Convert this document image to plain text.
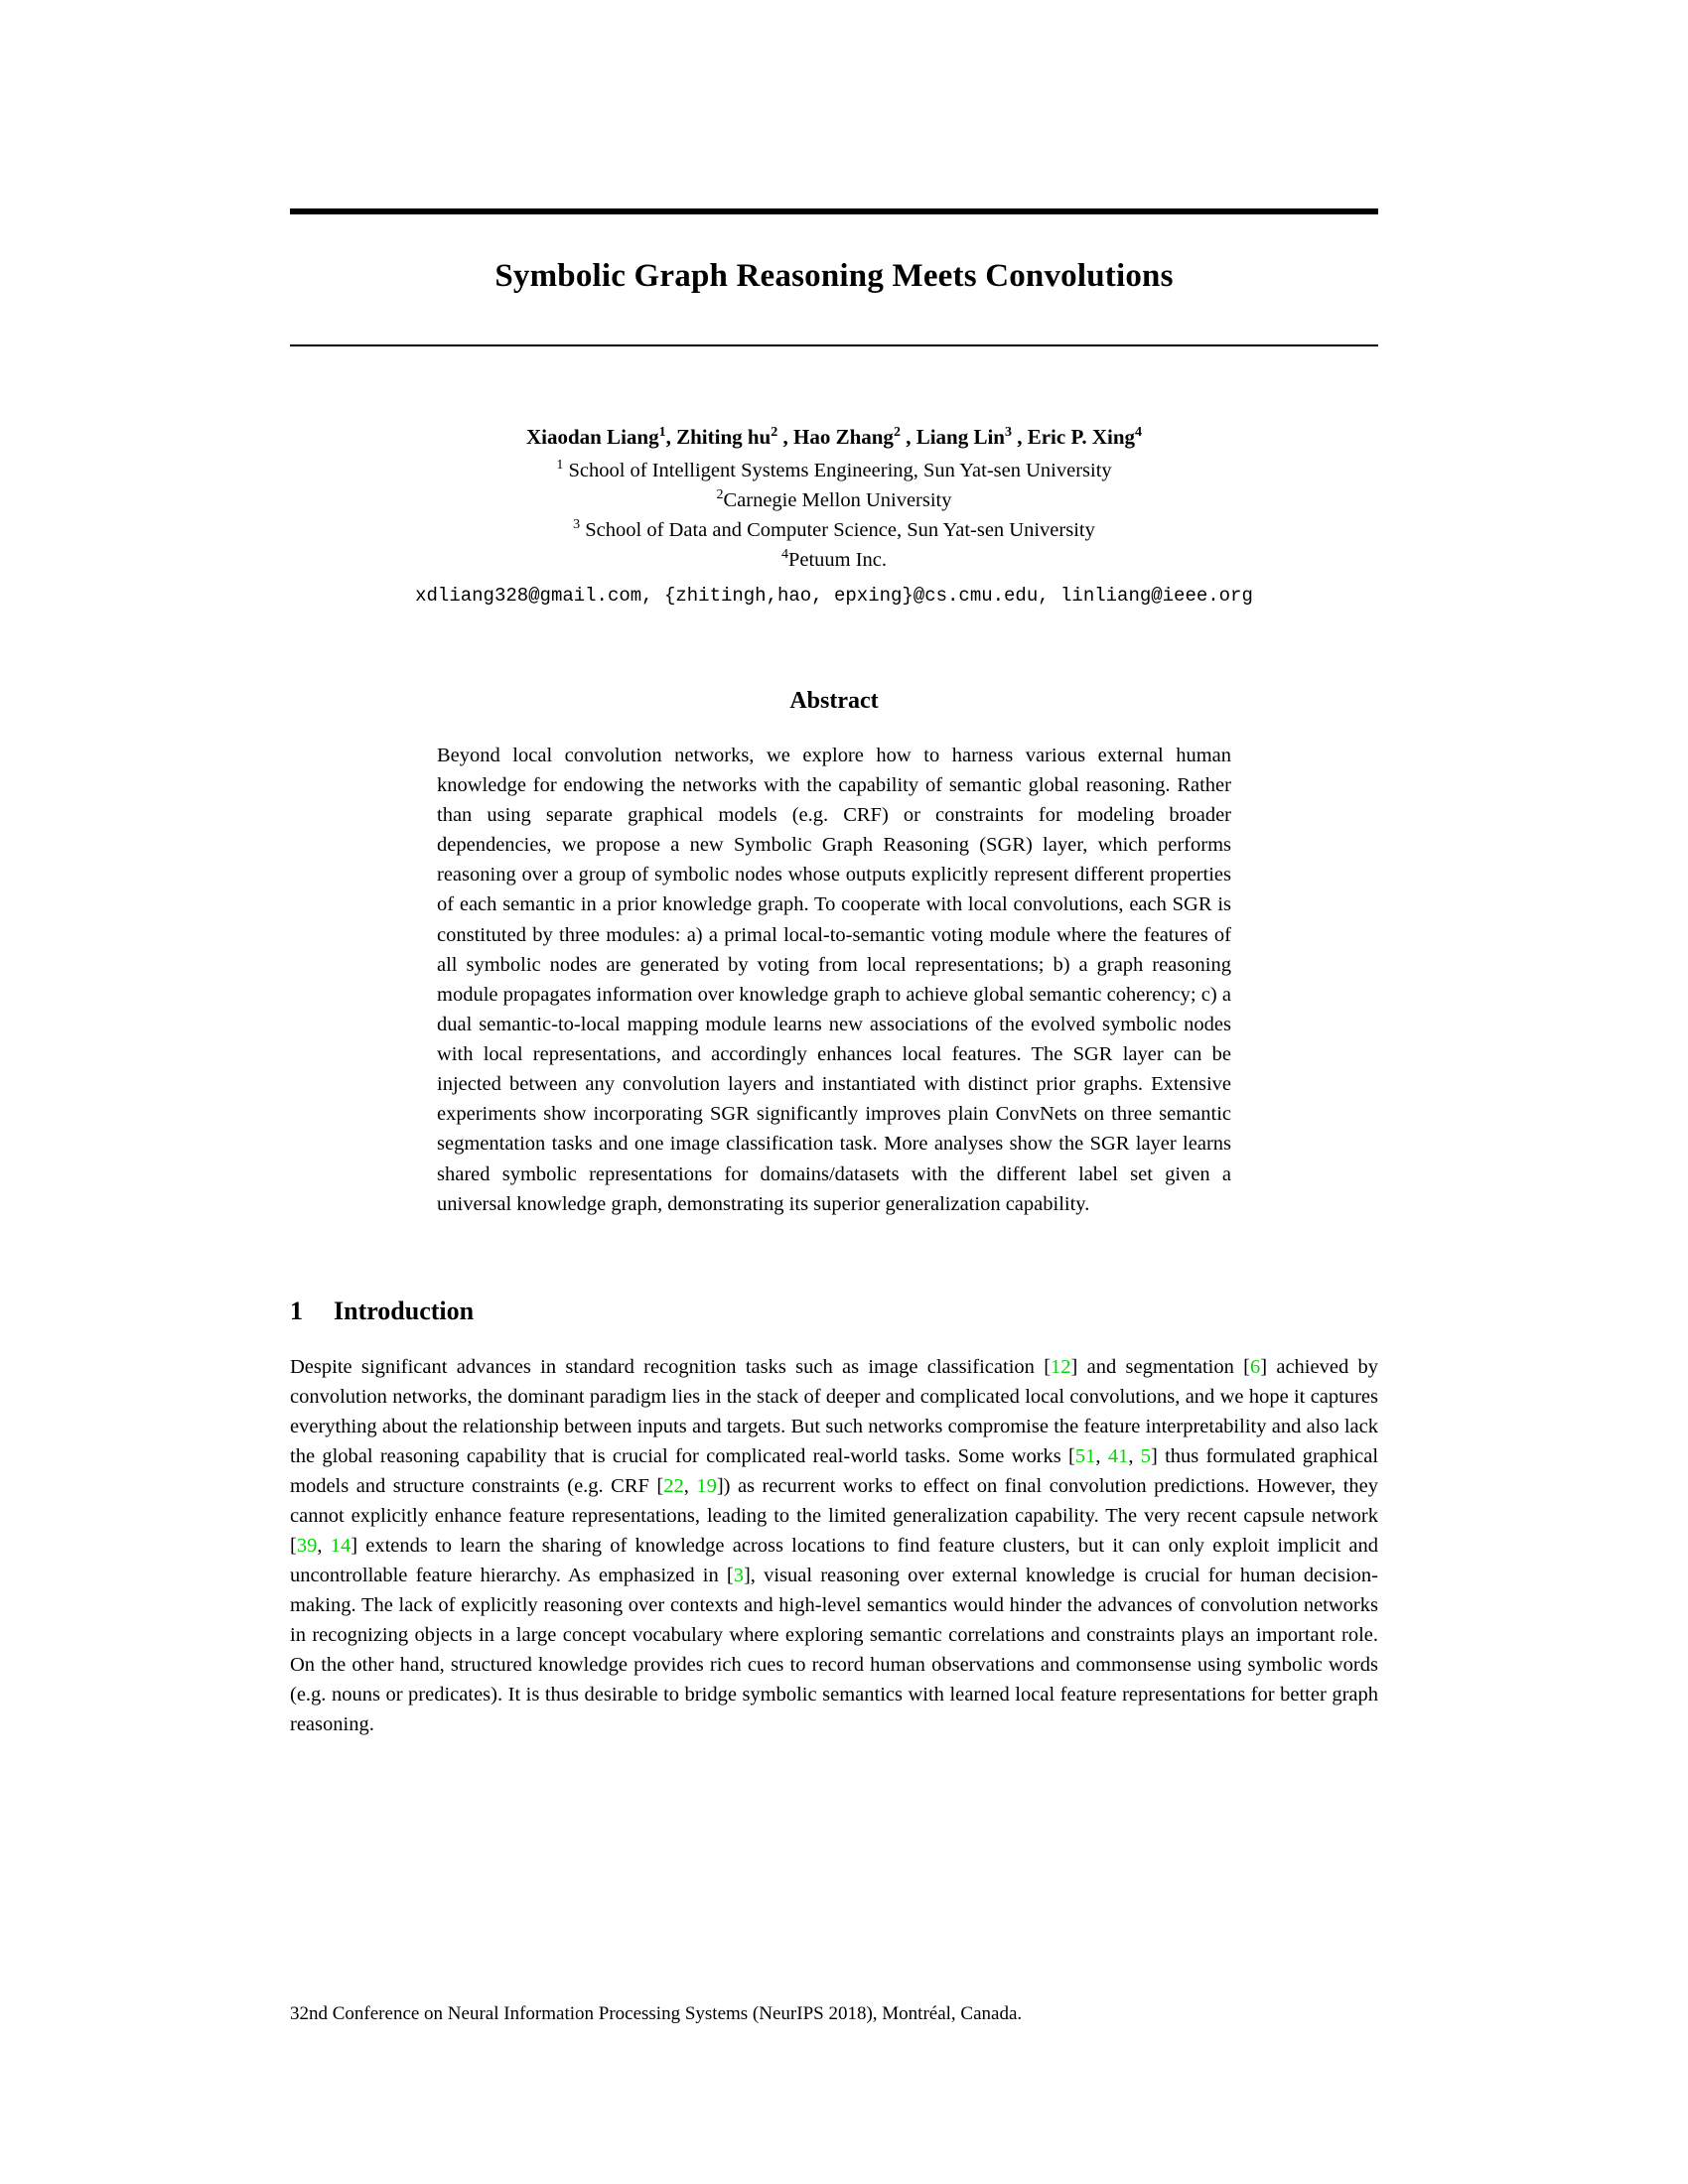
Symbolic Graph Reasoning Meets Convolutions
Xiaodan Liang$^1$, Zhiting $hu^2$ , Hao Zhang$^2$ , Liang Lin$^3$ , Eric P. Xing$^4$
$^1$ School of Intelligent Systems Engineering, Sun Yat-sen University
$^2$Carnegie Mellon University
$^3$ School of Data and Computer Science, Sun Yat-sen University
$^4$Petuum Inc.
xdliang328@gmail.com, {zhitingh,hao, epxing}@cs.cmu.edu, linliang@ieee.org
Abstract
Beyond local convolution networks, we explore how to harness various external human knowledge for endowing the networks with the capability of semantic global reasoning. Rather than using separate graphical models (e.g. CRF) or constraints for modeling broader dependencies, we propose a new Symbolic Graph Reasoning (SGR) layer, which performs reasoning over a group of symbolic nodes whose outputs explicitly represent different properties of each semantic in a prior knowledge graph. To cooperate with local convolutions, each SGR is constituted by three modules: a) a primal local-to-semantic voting module where the features of all symbolic nodes are generated by voting from local representations; b) a graph reasoning module propagates information over knowledge graph to achieve global semantic coherency; c) a dual semantic-to-local mapping module learns new associations of the evolved symbolic nodes with local representations, and accordingly enhances local features. The SGR layer can be injected between any convolution layers and instantiated with distinct prior graphs. Extensive experiments show incorporating SGR significantly improves plain ConvNets on three semantic segmentation tasks and one image classification task. More analyses show the SGR layer learns shared symbolic representations for domains/datasets with the different label set given a universal knowledge graph, demonstrating its superior generalization capability.
1 Introduction
Despite significant advances in standard recognition tasks such as image classification [12] and segmentation [6] achieved by convolution networks, the dominant paradigm lies in the stack of deeper and complicated local convolutions, and we hope it captures everything about the relationship between inputs and targets. But such networks compromise the feature interpretability and also lack the global reasoning capability that is crucial for complicated real-world tasks. Some works [51, 41, 5] thus formulated graphical models and structure constraints (e.g. CRF [22, 19]) as recurrent works to effect on final convolution predictions. However, they cannot explicitly enhance feature representations, leading to the limited generalization capability. The very recent capsule network [39, 14] extends to learn the sharing of knowledge across locations to find feature clusters, but it can only exploit implicit and uncontrollable feature hierarchy. As emphasized in [3], visual reasoning over external knowledge is crucial for human decision-making. The lack of explicitly reasoning over contexts and high-level semantics would hinder the advances of convolution networks in recognizing objects in a large concept vocabulary where exploring semantic correlations and constraints plays an important role. On the other hand, structured knowledge provides rich cues to record human observations and commonsense using symbolic words (e.g. nouns or predicates). It is thus desirable to bridge symbolic semantics with learned local feature representations for better graph reasoning.
32nd Conference on Neural Information Processing Systems (NeurIPS 2018), Montréal, Canada.
